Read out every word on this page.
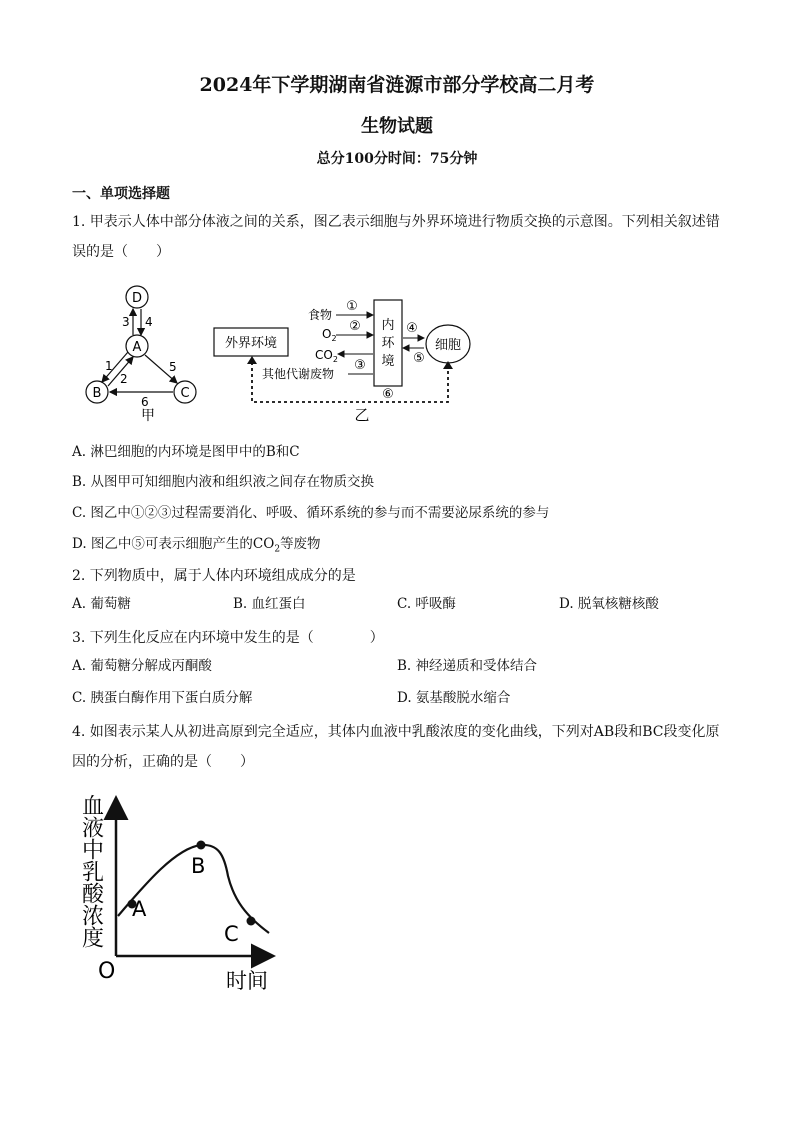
2024年下学期湖南省涟源市部分学校高二月考
生物试题
总分100分时间：75分钟
一、单项选择题
1. 甲表示人体中部分体液之间的关系，图乙表示细胞与外界环境进行物质交换的示意图。下列相关叙述错误的是（　　）
D
A
B	C
3 4
1
2
5
6
甲
外界环境
内
环
境
细胞
食物
①
$O_2$
②
$CO_2$ ③
其他代谢废物
④
⑤
⑥
乙
A. 淋巴细胞的内环境是图甲中的B和C
B. 从图甲可知细胞内液和组织液之间存在物质交换
C. 图乙中①②③过程需要消化、呼吸、循环系统的参与而不需要泌尿系统的参与
D. 图乙中⑤可表示细胞产生的$CO_2$等废物
2. 下列物质中，属于人体内环境组成成分的是
A. 葡萄糖	B. 血红蛋白	C. 呼吸酶	D. 脱氧核糖核酸
3. 下列生化反应在内环境中发生的是（　　　　）
A. 葡萄糖分解成丙酮酸	B. 神经递质和受体结合
C. 胰蛋白酶作用下蛋白质分解	D. 氨基酸脱水缩合
4. 如图表示某人从初进高原到完全适应，其体内血液中乳酸浓度的变化曲线，下列对AB段和BC段变化原因的分析，正确的是（　　）
血液中乳酸浓度
O	时间
A
B
C
